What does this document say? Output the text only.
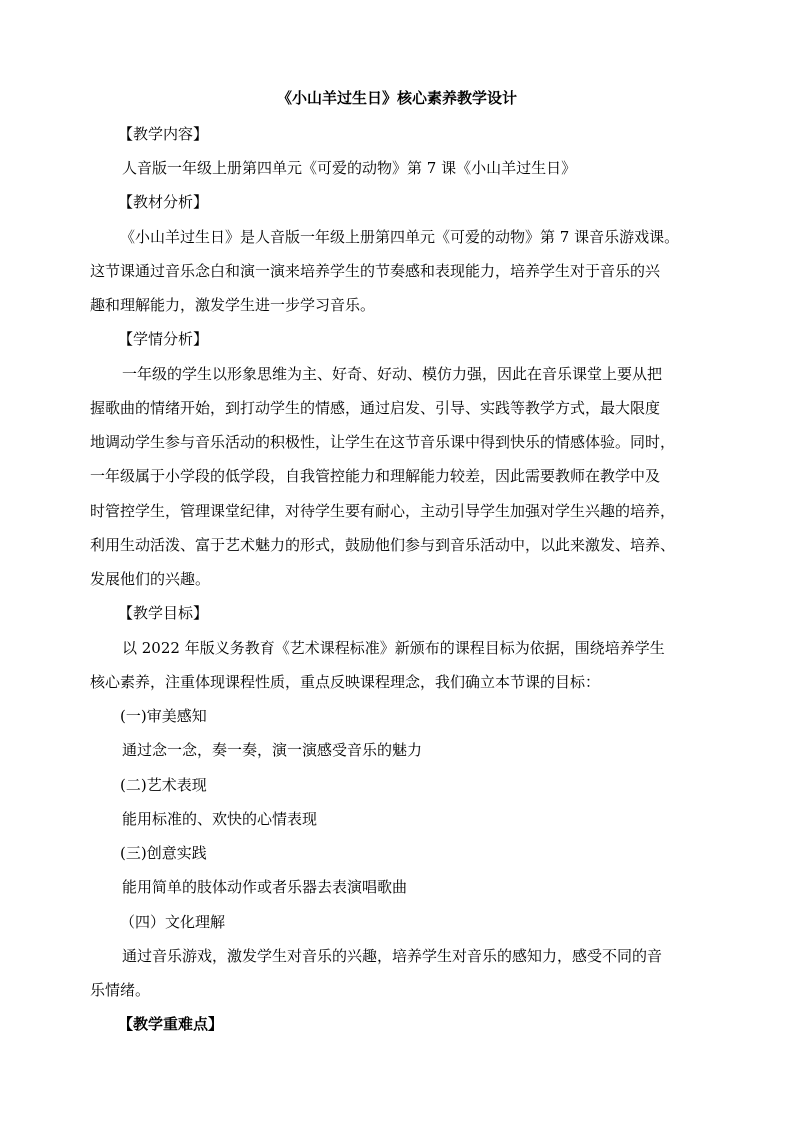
《小山羊过生日》核心素养教学设计
【教学内容】
人音版一年级上册第四单元《可爱的动物》第 7 课《小山羊过生日》
【教材分析】
《小山羊过生日》是人音版一年级上册第四单元《可爱的动物》第 7 课音乐游戏课。
这节课通过音乐念白和演一演来培养学生的节奏感和表现能力，培养学生对于音乐的兴
趣和理解能力，激发学生进一步学习音乐。
【学情分析】
一年级的学生以形象思维为主、好奇、好动、模仿力强，因此在音乐课堂上要从把
握歌曲的情绪开始，到打动学生的情感，通过启发、引导、实践等教学方式，最大限度
地调动学生参与音乐活动的积极性，让学生在这节音乐课中得到快乐的情感体验。同时，
一年级属于小学段的低学段，自我管控能力和理解能力较差，因此需要教师在教学中及
时管控学生，管理课堂纪律，对待学生要有耐心，主动引导学生加强对学生兴趣的培养，
利用生动活泼、富于艺术魅力的形式，鼓励他们参与到音乐活动中，以此来激发、培养、
发展他们的兴趣。
【教学目标】
以 2022 年版义务教育《艺术课程标准》新颁布的课程目标为依据，围绕培养学生
核心素养，注重体现课程性质，重点反映课程理念，我们确立本节课的目标：
(一)审美感知
通过念一念，奏一奏，演一演感受音乐的魅力
(二)艺术表现
能用标准的、欢快的心情表现
(三)创意实践
能用简单的肢体动作或者乐器去表演唱歌曲
（四）文化理解
通过音乐游戏，激发学生对音乐的兴趣，培养学生对音乐的感知力，感受不同的音
乐情绪。
【教学重难点】
